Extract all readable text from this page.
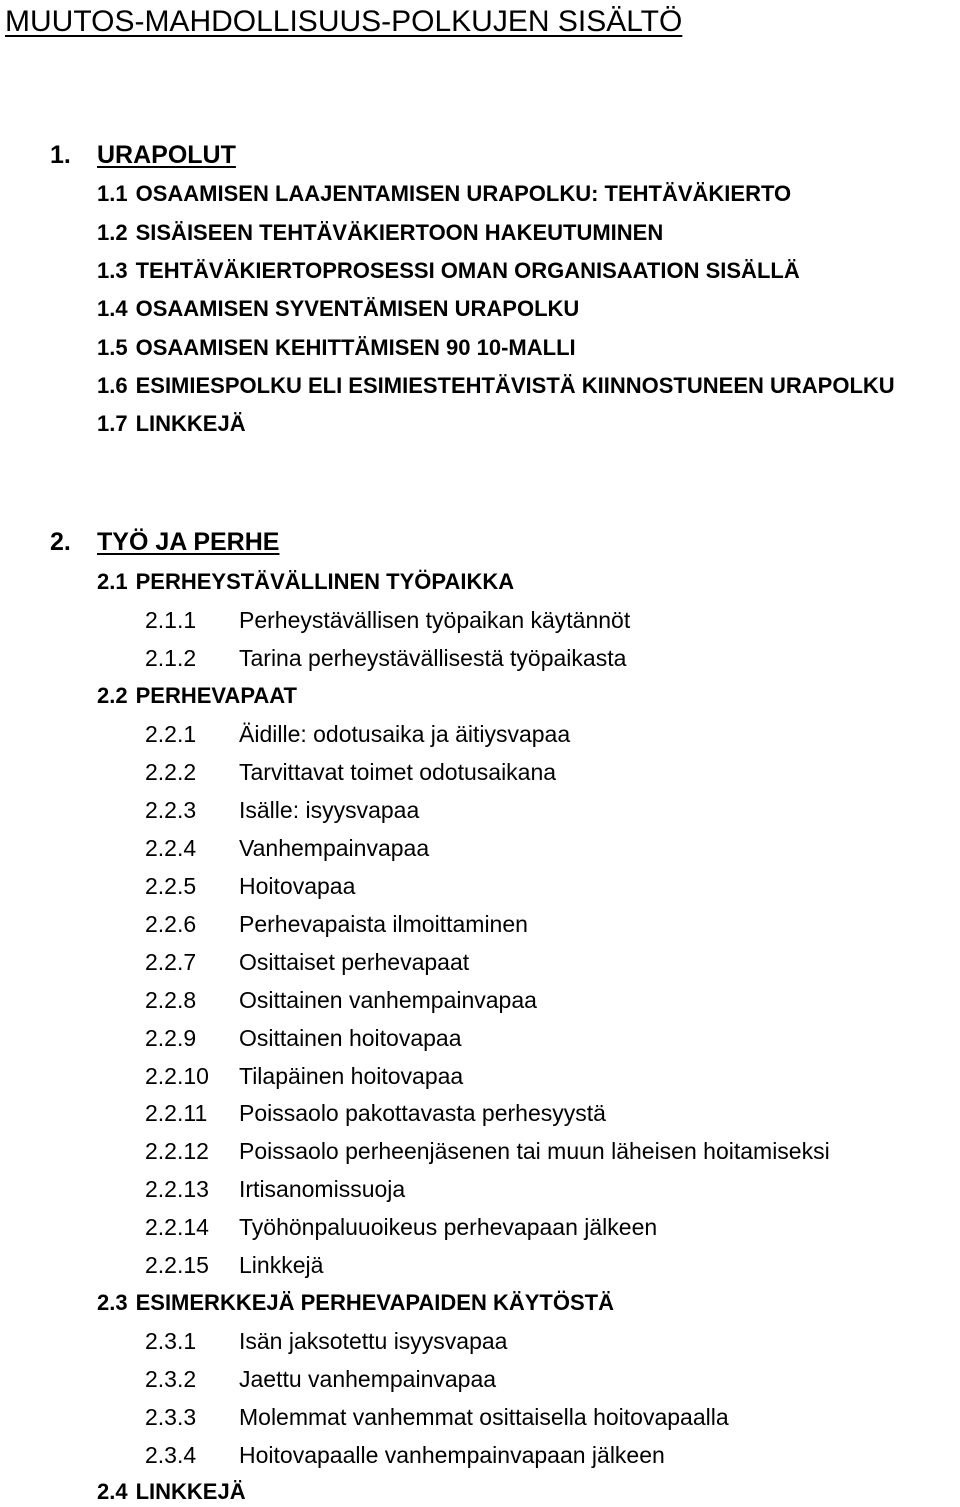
MUUTOS-MAHDOLLISUUS-POLKUJEN SISÄLTÖ
1. URAPOLUT
1.1 OSAAMISEN LAAJENTAMISEN URAPOLKU: TEHTÄVÄKIERTO
1.2 SISÄISEEN TEHTÄVÄKIERTOON HAKEUTUMINEN
1.3 TEHTÄVÄKIERTOPROSESSI OMAN ORGANISAATION SISÄLLÄ
1.4 OSAAMISEN SYVENTÄMISEN URAPOLKU
1.5 OSAAMISEN KEHITTÄMISEN 90 10-MALLI
1.6 ESIMIESPOLKU ELI ESIMIESTEHTÄVISTÄ KIINNOSTUNEEN URAPOLKU
1.7 LINKKEJÄ
2. TYÖ JA PERHE
2.1 PERHEYSTÄVÄLLINEN TYÖPAIKKA
2.1.1 Perheystävällisen työpaikan käytännöt
2.1.2 Tarina perheystävällisestä työpaikasta
2.2 PERHEVAPAAT
2.2.1 Äidille: odotusaika ja äitiysvapaa
2.2.2 Tarvittavat toimet odotusaikana
2.2.3 Isälle: isyysvapaa
2.2.4 Vanhempainvapaa
2.2.5 Hoitovapaa
2.2.6 Perhevapaista ilmoittaminen
2.2.7 Osittaiset perhevapaat
2.2.8 Osittainen vanhempainvapaa
2.2.9 Osittainen hoitovapaa
2.2.10 Tilapäinen hoitovapaa
2.2.11 Poissaolo pakottavasta perhesyystä
2.2.12 Poissaolo perheenjäsenen tai muun läheisen hoitamiseksi
2.2.13 Irtisanomissuoja
2.2.14 Työhönpaluuoikeus perhevapaan jälkeen
2.2.15 Linkkejä
2.3 ESIMERKKEJÄ PERHEVAPAIDEN KÄYTÖSTÄ
2.3.1 Isän jaksotettu isyysvapaa
2.3.2 Jaettu vanhempainvapaa
2.3.3 Molemmat vanhemmat osittaisella hoitovapaalla
2.3.4 Hoitovapaalle vanhempainvapaan jälkeen
2.4 LINKKEJÄ
